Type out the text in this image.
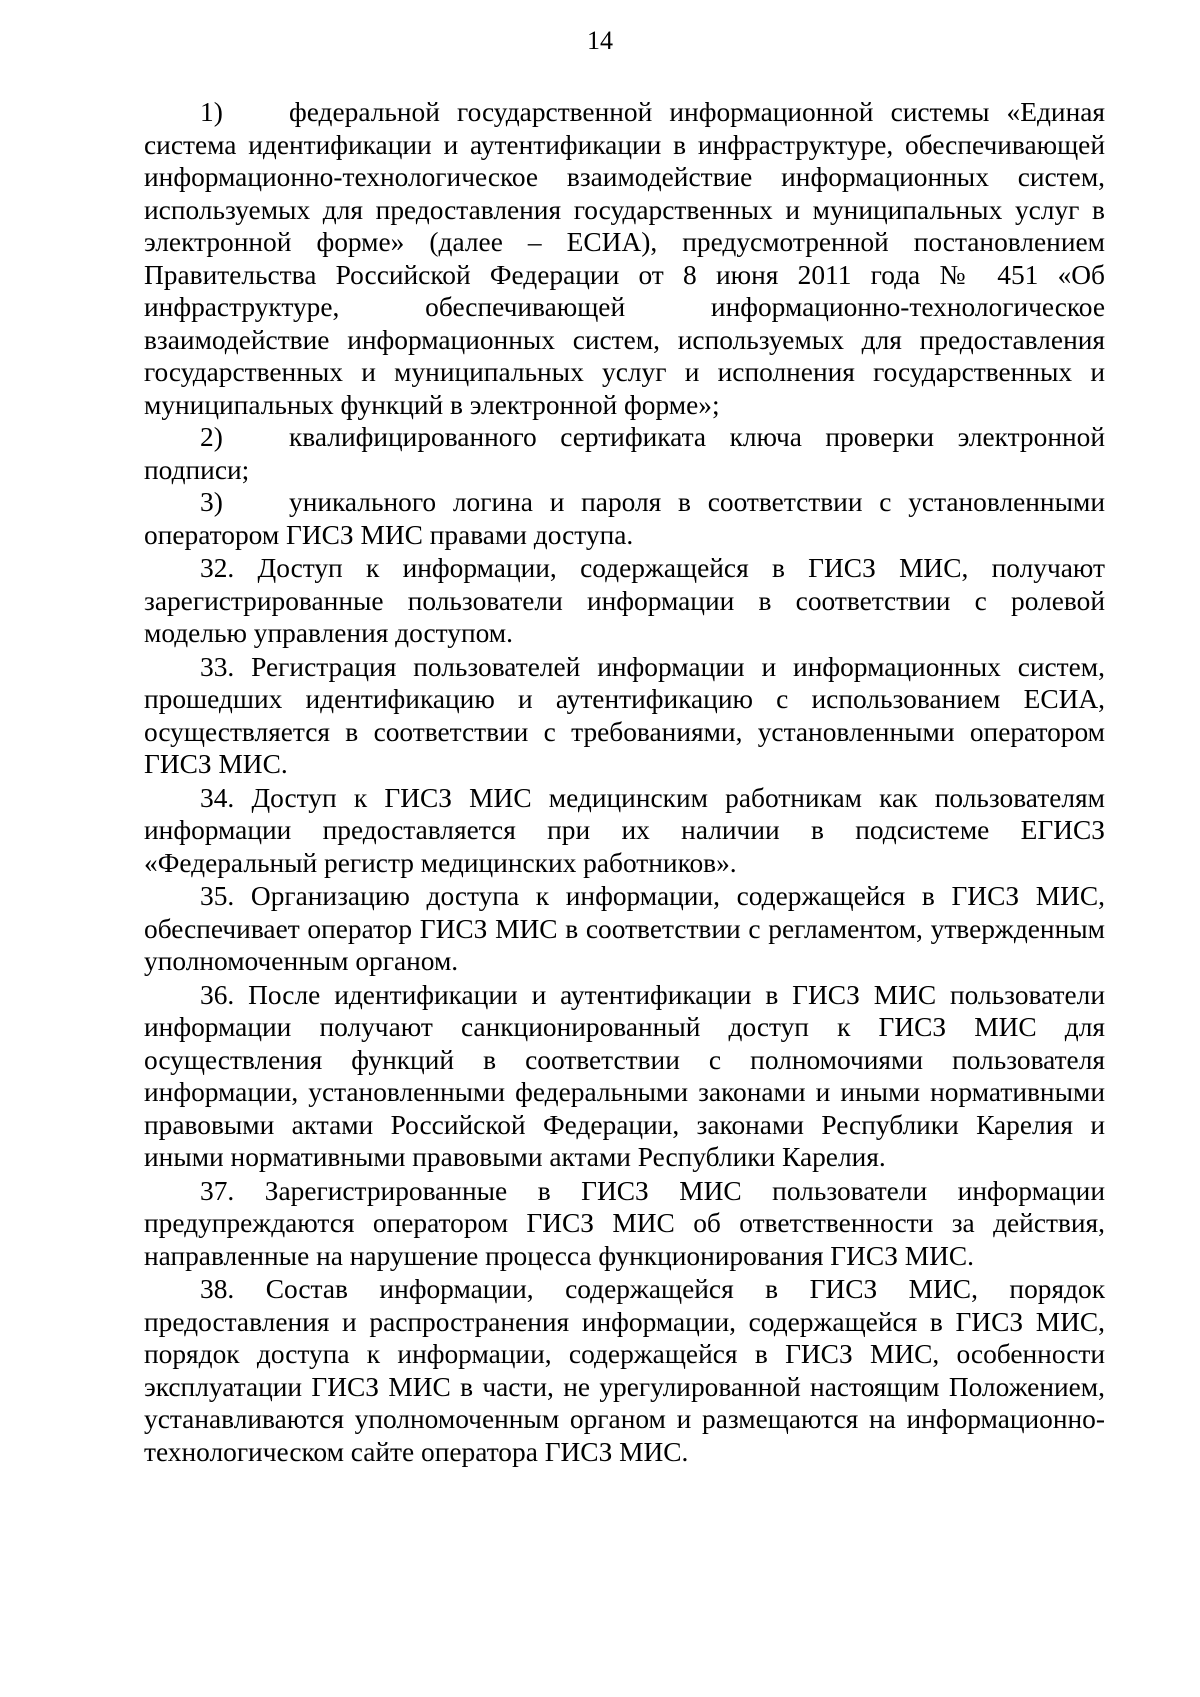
14

1) федеральной государственной информационной системы «Единая система идентификации и аутентификации в инфраструктуре, обеспечивающей информационно-технологическое взаимодействие информационных систем, используемых для предоставления государственных и муниципальных услуг в электронной форме» (далее – ЕСИА), предусмотренной постановлением Правительства Российской Федерации от 8 июня 2011 года № 451 «Об инфраструктуре, обеспечивающей информационно-технологическое взаимодействие информационных систем, используемых для предоставления государственных и муниципальных услуг и исполнения государственных и муниципальных функций в электронной форме»;

2) квалифицированного сертификата ключа проверки электронной подписи;

3) уникального логина и пароля в соответствии с установленными оператором ГИСЗ МИС правами доступа.

32. Доступ к информации, содержащейся в ГИСЗ МИС, получают зарегистрированные пользователи информации в соответствии с ролевой моделью управления доступом.

33. Регистрация пользователей информации и информационных систем, прошедших идентификацию и аутентификацию с использованием ЕСИА, осуществляется в соответствии с требованиями, установленными оператором ГИСЗ МИС.

34. Доступ к ГИСЗ МИС медицинским работникам как пользователям информации предоставляется при их наличии в подсистеме ЕГИСЗ «Федеральный регистр медицинских работников».

35. Организацию доступа к информации, содержащейся в ГИСЗ МИС, обеспечивает оператор ГИСЗ МИС в соответствии с регламентом, утвержденным уполномоченным органом.

36. После идентификации и аутентификации в ГИСЗ МИС пользователи информации получают санкционированный доступ к ГИСЗ МИС для осуществления функций в соответствии с полномочиями пользователя информации, установленными федеральными законами и иными нормативными правовыми актами Российской Федерации, законами Республики Карелия и иными нормативными правовыми актами Республики Карелия.

37. Зарегистрированные в ГИСЗ МИС пользователи информации предупреждаются оператором ГИСЗ МИС об ответственности за действия, направленные на нарушение процесса функционирования ГИСЗ МИС.

38. Состав информации, содержащейся в ГИСЗ МИС, порядок предоставления и распространения информации, содержащейся в ГИСЗ МИС, порядок доступа к информации, содержащейся в ГИСЗ МИС, особенности эксплуатации ГИСЗ МИС в части, не урегулированной настоящим Положением, устанавливаются уполномоченным органом и размещаются на информационно-технологическом сайте оператора ГИСЗ МИС.
